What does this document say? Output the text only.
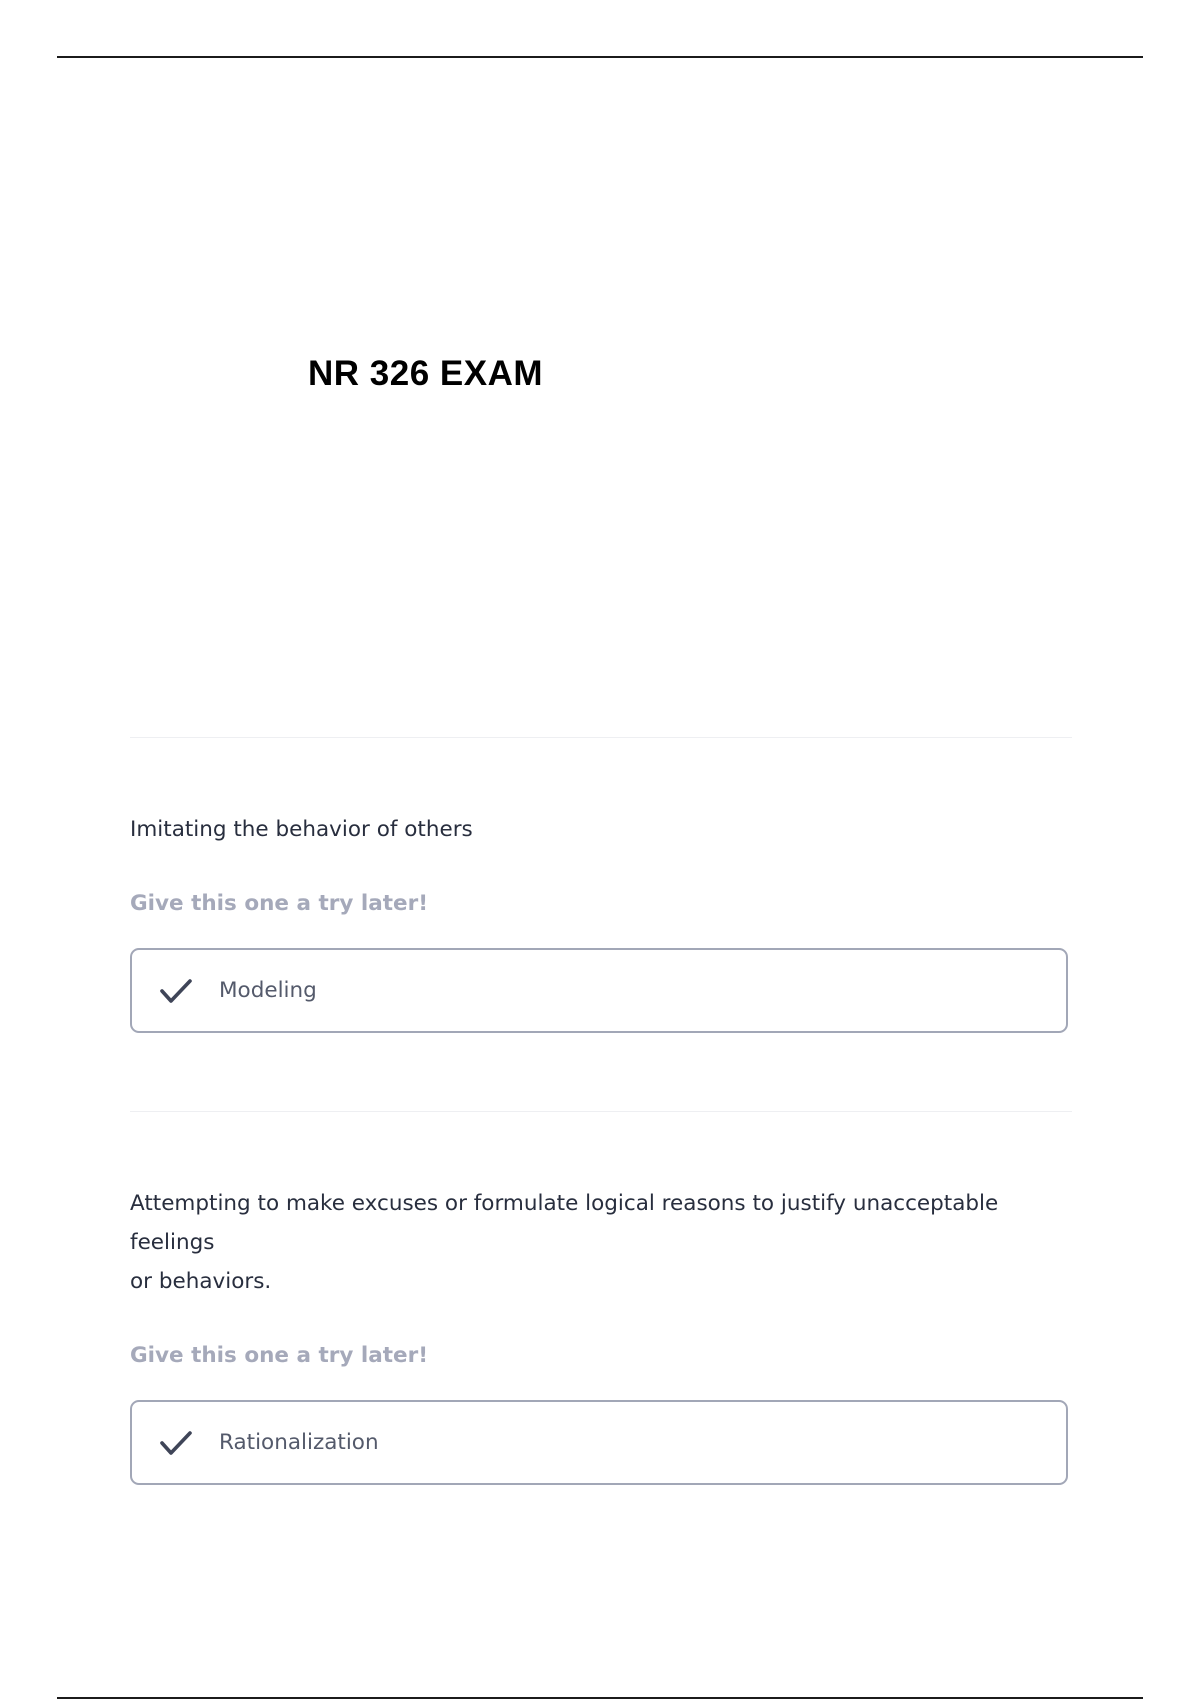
NR 326 EXAM

Imitating the behavior of others

Give this one a try later!

Modeling

Attempting to make excuses or formulate logical reasons to justify unacceptable
feelings
or behaviors.

Give this one a try later!

Rationalization
